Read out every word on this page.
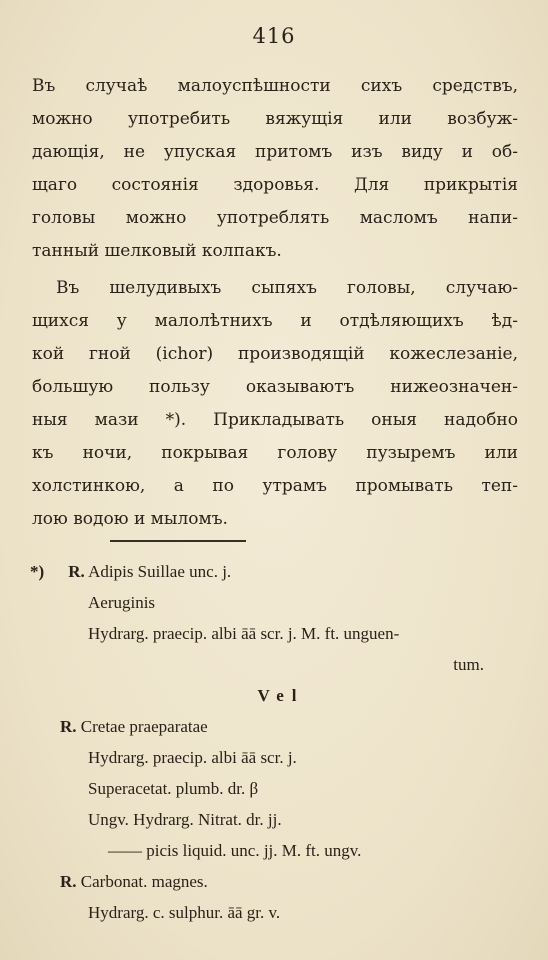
416
Въ случаѣ малоуспѣшности сихъ средствъ,
можно употребить вяжущія или возбуж-
дающія, не упуская притомъ изъ виду и об-
щаго состоянія здоровья. Для прикрытія
головы можно употреблять масломъ напи-
танный шелковый колпакъ.
Въ шелудивыхъ сыпяхъ головы, случаю-
щихся у малолѣтнихъ и отдѣляющихъ ѣд-
кой гной (ichor) производящій кожеслезаніе,
большую пользу оказываютъ нижеозначен-
ныя мази *). Прикладывать оныя надобно
къ ночи, покрывая голову пузыремъ или
холстинкою, а по утрамъ промывать теп-
лою водою и мыломъ.
*) R. Adipis Suillae unc. j.
Aeruginis
Hydrarg. praecip. albi āā scr. j. M. ft. unguen-
tum.
Vel
R. Cretae praeparatae
Hydrarg. praecip. albi āā scr. j.
Superacetat. plumb. dr. β
Ungv. Hydrarg. Nitrat. dr. jj.
—— picis liquid. unc. jj. M. ft. ungv.
R. Carbonat. magnes.
Hydrarg. c. sulphur. āā gr. v.
